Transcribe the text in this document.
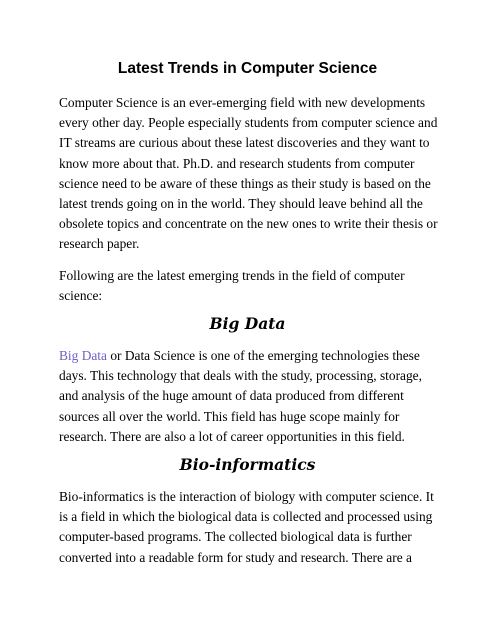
Latest Trends in Computer Science

Computer Science is an ever-emerging field with new developments
every other day. People especially students from computer science and
IT streams are curious about these latest discoveries and they want to
know more about that. Ph.D. and research students from computer
science need to be aware of these things as their study is based on the
latest trends going on in the world. They should leave behind all the
obsolete topics and concentrate on the new ones to write their thesis or
research paper.

Following are the latest emerging trends in the field of computer
science:

Big Data

Big Data or Data Science is one of the emerging technologies these
days. This technology that deals with the study, processing, storage,
and analysis of the huge amount of data produced from different
sources all over the world. This field has huge scope mainly for
research. There are also a lot of career opportunities in this field.

Bio-informatics

Bio-informatics is the interaction of biology with computer science. It
is a field in which the biological data is collected and processed using
computer-based programs. The collected biological data is further
converted into a readable form for study and research. There are a
